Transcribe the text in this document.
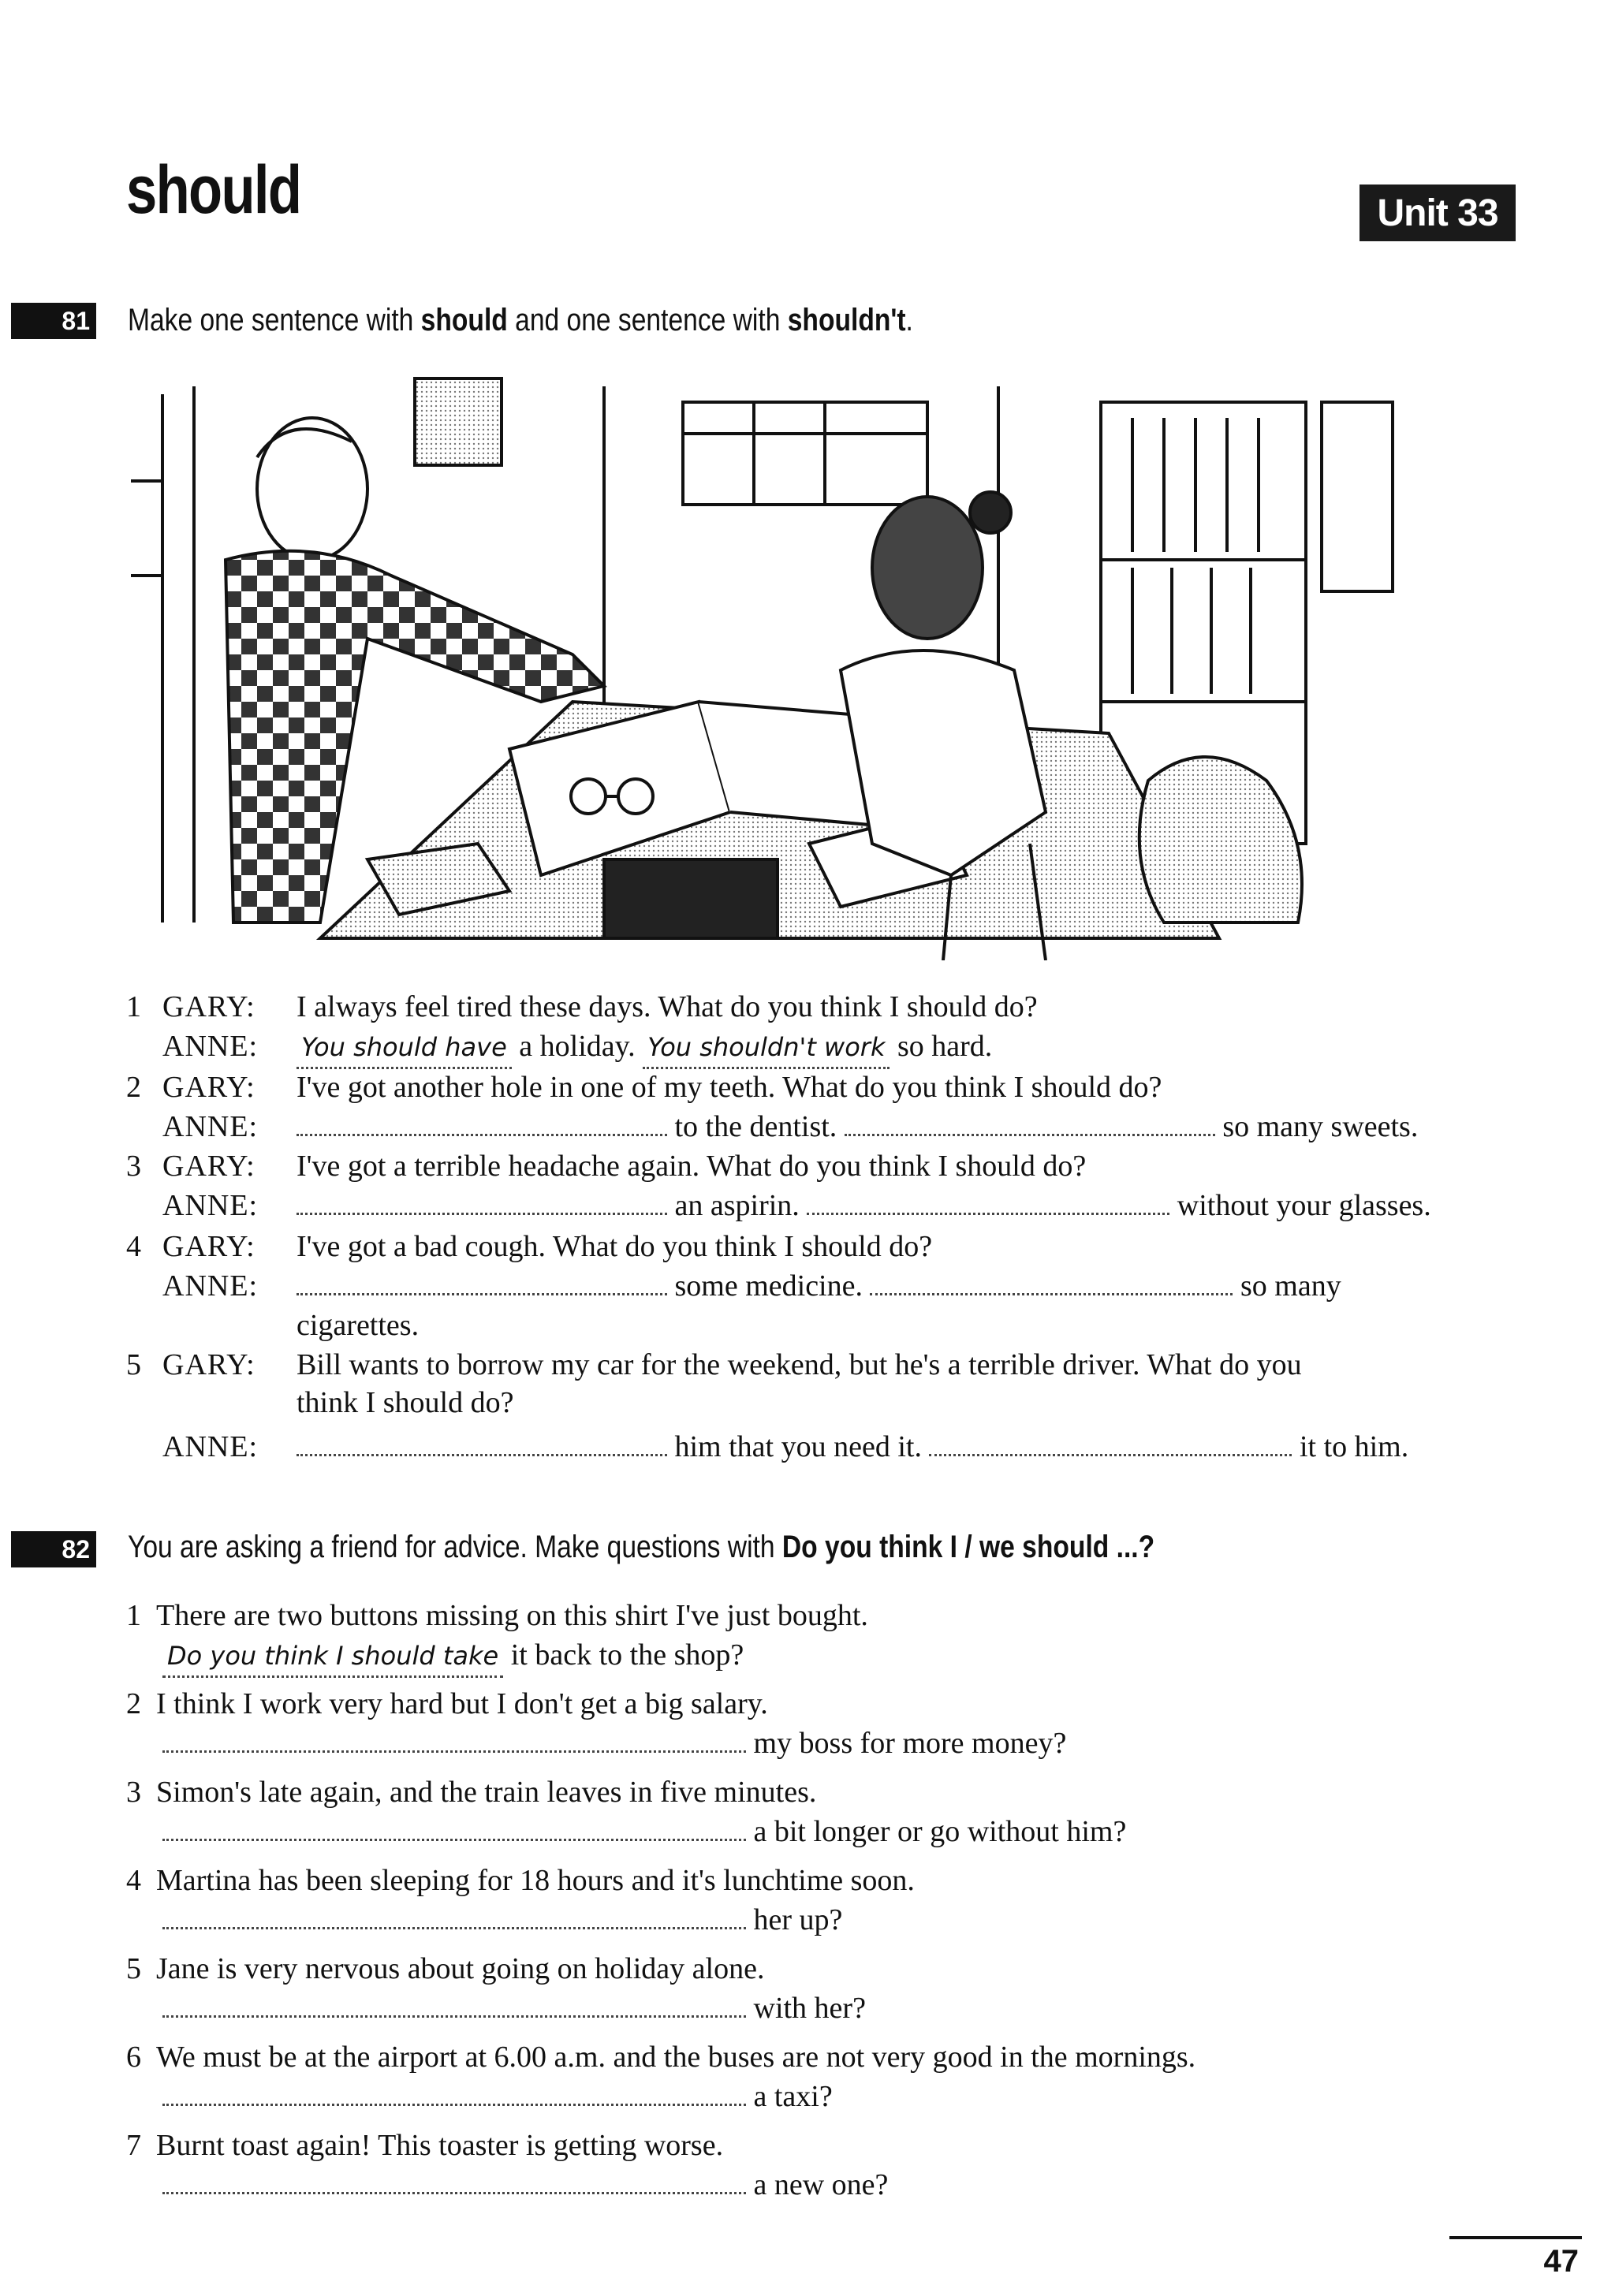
should	Unit 33
81 Make one sentence with should and one sentence with shouldn't.
1 GARY: I always feel tired these days. What do you think I should do?
ANNE: You should have a holiday. You shouldn't work so hard.
2 GARY: I've got another hole in one of my teeth. What do you think I should do?
ANNE:	to the dentist.	so many sweets.
3 GARY: I've got a terrible headache again. What do you think I should do?
ANNE:	an aspirin.	without your glasses.
4 GARY: I've got a bad cough. What do you think I should do?
ANNE:	some medicine.	so many
cigarettes.
5 GARY: Bill wants to borrow my car for the weekend, but he's a terrible driver. What do you
think I should do?
ANNE:	him that you need it.	it to him.
82 You are asking a friend for advice. Make questions with Do you think I / we should ...?
1 There are two buttons missing on this shirt I've just bought.
Do you think I should take it back to the shop?
2 I think I work very hard but I don't get a big salary.
my boss for more money?
3 Simon's late again, and the train leaves in five minutes.
a bit longer or go without him?
4 Martina has been sleeping for 18 hours and it's lunchtime soon.
her up?
5 Jane is very nervous about going on holiday alone.
with her?
6 We must be at the airport at 6.00 a.m. and the buses are not very good in the mornings.
a taxi?
7 Burnt toast again! This toaster is getting worse.
a new one?
47
